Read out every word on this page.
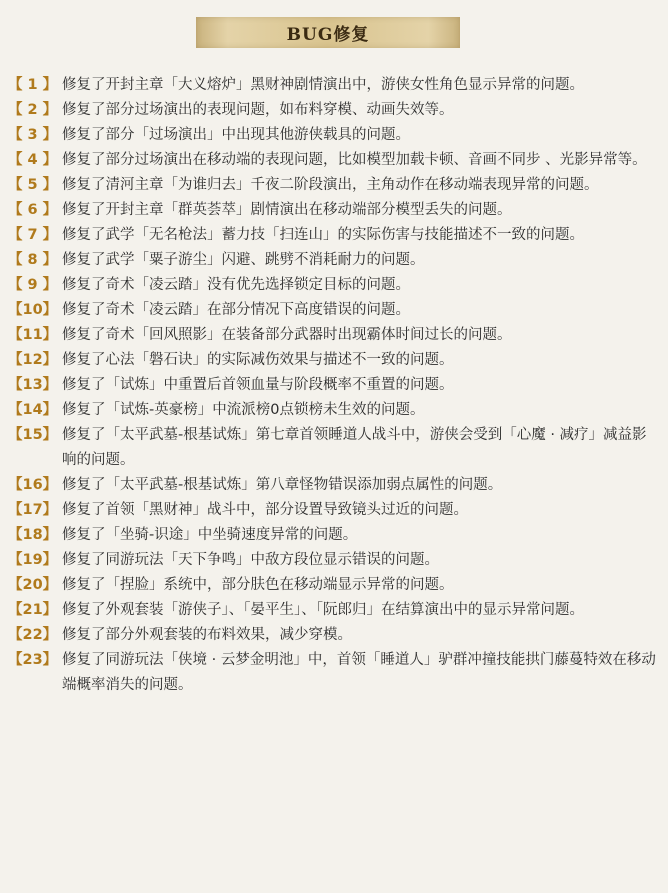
BUG修复
【 1 】 修复了开封主章「大义熔炉」黑财神剧情演出中，游侠女性角色显示异常的问题。
【 2 】 修复了部分过场演出的表现问题，如布料穿模、动画失效等。
【 3 】 修复了部分「过场演出」中出现其他游侠载具的问题。
【 4 】 修复了部分过场演出在移动端的表现问题，比如模型加载卡顿、音画不同步 、光影异常等。
【 5 】 修复了清河主章「为谁归去」千夜二阶段演出，主角动作在移动端表现异常的问题。
【 6 】 修复了开封主章「群英荟萃」剧情演出在移动端部分模型丢失的问题。
【 7 】 修复了武学「无名枪法」蓄力技「扫连山」的实际伤害与技能描述不一致的问题。
【 8 】 修复了武学「粟子游尘」闪避、跳劈不消耗耐力的问题。
【 9 】 修复了奇术「凌云踏」没有优先选择锁定目标的问题。
【10】 修复了奇术「凌云踏」在部分情况下高度错误的问题。
【11】 修复了奇术「回风照影」在装备部分武器时出现霸体时间过长的问题。
【12】 修复了心法「磐石诀」的实际减伤效果与描述不一致的问题。
【13】 修复了「试炼」中重置后首领血量与阶段概率不重置的问题。
【14】 修复了「试炼-英豪榜」中流派榜0点锁榜未生效的问题。
【15】 修复了「太平武墓-根基试炼」第七章首领睡道人战斗中，游侠会受到「心魔 · 减疗」减益影响的问题。
【16】 修复了「太平武墓-根基试炼」第八章怪物错误添加弱点属性的问题。
【17】 修复了首领「黑财神」战斗中，部分设置导致镜头过近的问题。
【18】 修复了「坐骑-识途」中坐骑速度异常的问题。
【19】 修复了同游玩法「天下争鸣」中敌方段位显示错误的问题。
【20】 修复了「捏脸」系统中，部分肤色在移动端显示异常的问题。
【21】 修复了外观套装「游侠子」、「晏平生」、「阮郎归」在结算演出中的显示异常问题。
【22】 修复了部分外观套装的布料效果，减少穿模。
【23】 修复了同游玩法「侠境 · 云梦金明池」中，首领「睡道人」驴群冲撞技能拱门藤蔓特效在移动端概率消失的问题。
